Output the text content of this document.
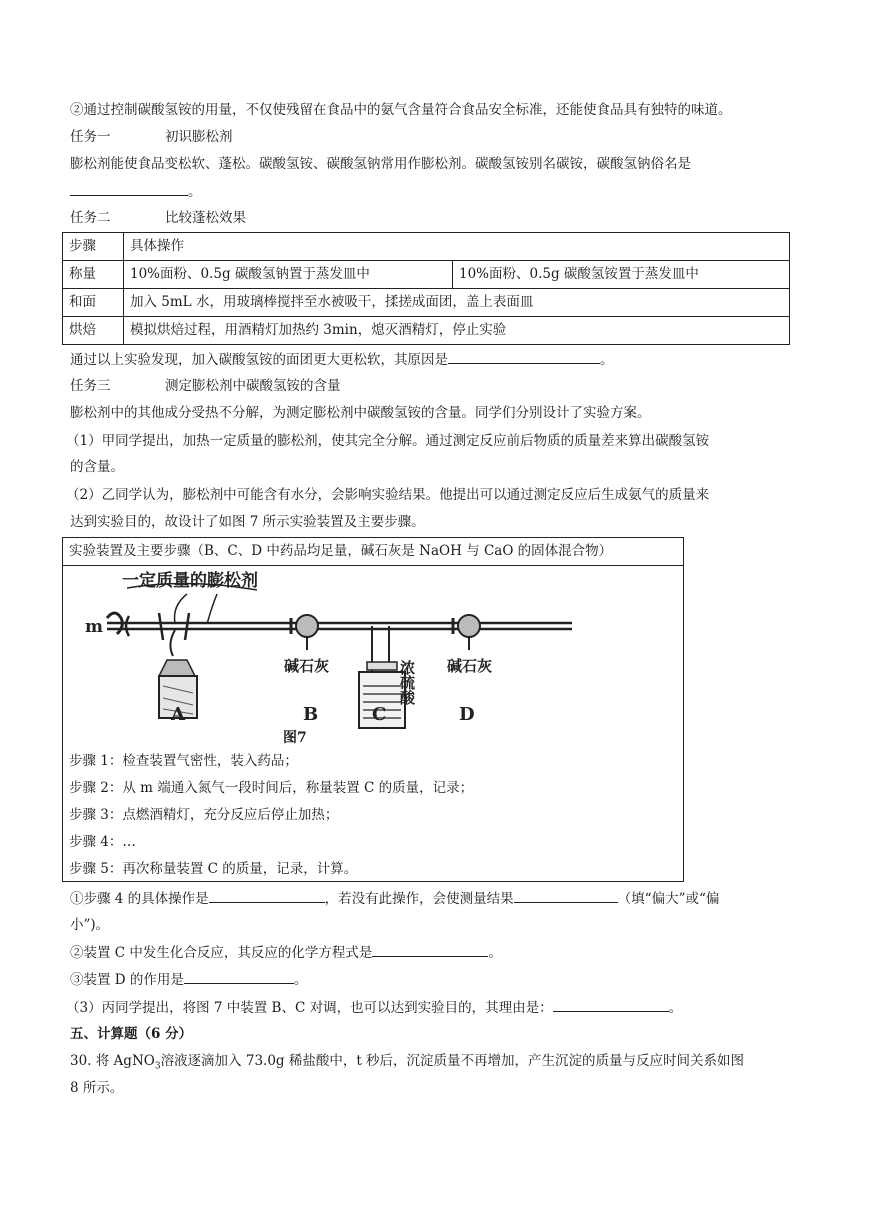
②通过控制碳酸氢铵的用量，不仅使残留在食品中的氨气含量符合食品安全标准，还能使食品具有独特的味道。
任务一	初识膨松剂
膨松剂能使食品变松软、蓬松。碳酸氢铵、碳酸氢钠常用作膨松剂。碳酸氢铵别名碳铵，碳酸氢钠俗名是
。
任务二	比较蓬松效果
步骤	具体操作	
称量	10%面粉、0.5g 碳酸氢钠置于蒸发皿中	10%面粉、0.5g 碳酸氢铵置于蒸发皿中
和面	加入 5mL 水，用玻璃棒搅拌至水被吸干，揉搓成面团，盖上表面皿	
烘焙	模拟烘焙过程，用酒精灯加热约 3min，熄灭酒精灯，停止实验	
通过以上实验发现，加入碳酸氢铵的面团更大更松软，其原因是	。
任务三	测定膨松剂中碳酸氢铵的含量
膨松剂中的其他成分受热不分解，为测定膨松剂中碳酸氢铵的含量。同学们分别设计了实验方案。
（1）甲同学提出，加热一定质量的膨松剂，使其完全分解。通过测定反应前后物质的质量差来算出碳酸氢铵
的含量。
（2）乙同学认为，膨松剂中可能含有水分，会影响实验结果。他提出可以通过测定反应后生成氨气的质量来
达到实验目的，故设计了如图 7 所示实验装置及主要步骤。
实验装置及主要步骤（B、C、D 中药品均足量，碱石灰是 NaOH 与 CaO 的固体混合物）
一定质量的膨松剂
m
碱石灰	浓硫酸 碱石灰
A	B	C	D
图7
步骤 1：检查装置气密性，装入药品；
步骤 2：从 m 端通入氮气一段时间后，称量装置 C 的质量，记录；
步骤 3：点燃酒精灯，充分反应后停止加热；
步骤 4：…
步骤 5：再次称量装置 C 的质量，记录，计算。
①步骤 4 的具体操作是	，若没有此操作，会使测量结果	（填“偏大”或“偏
小”)。
②装置 C 中发生化合反应，其反应的化学方程式是	。
③装置 D 的作用是	。
（3）丙同学提出，将图 7 中装置 B、C 对调，也可以达到实验目的，其理由是：	。
五、计算题（6 分）
30. 将 AgNO$_3$溶液逐滴加入 73.0g 稀盐酸中，t 秒后，沉淀质量不再增加，产生沉淀的质量与反应时间关系如图
8 所示。
